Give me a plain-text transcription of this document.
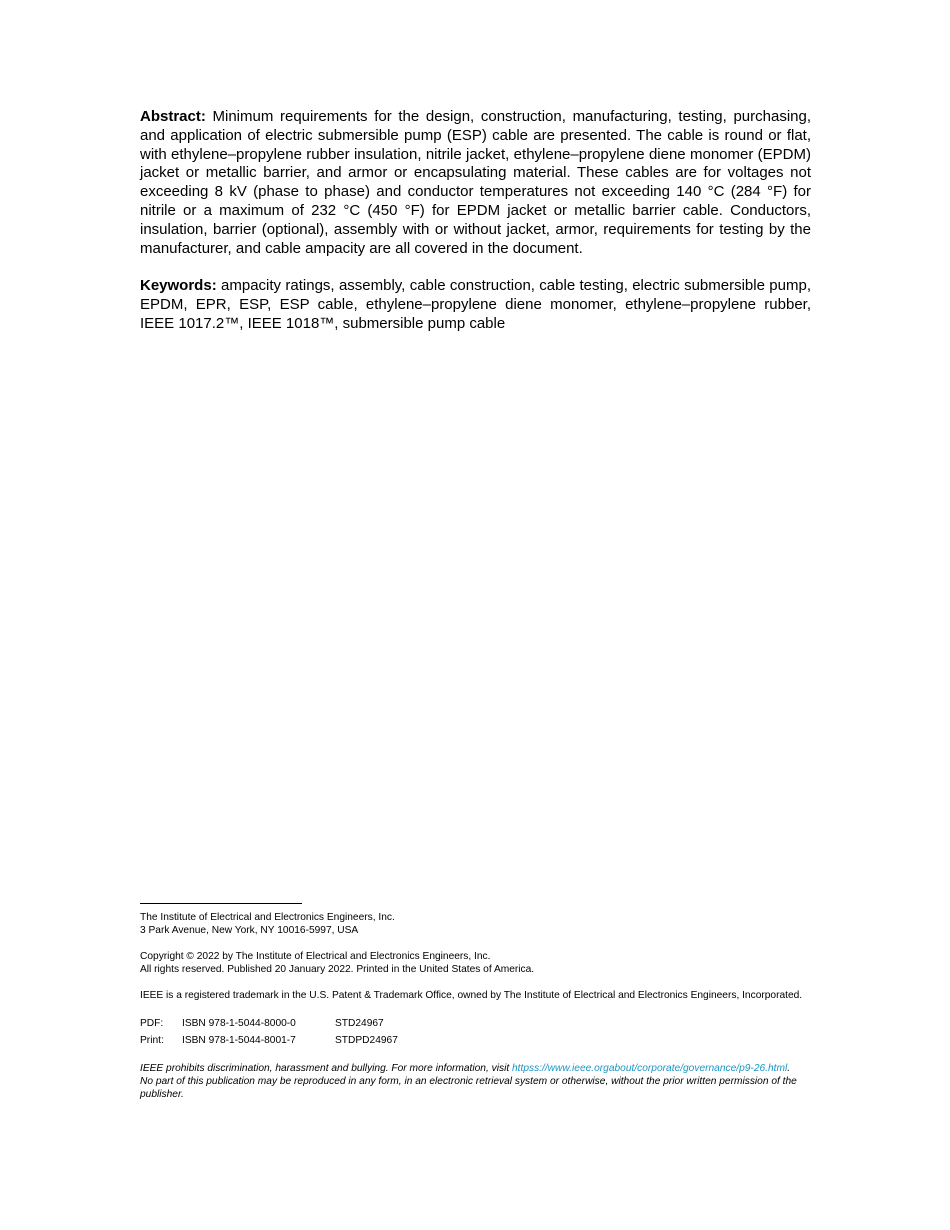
Abstract: Minimum requirements for the design, construction, manufacturing, testing, purchasing, and application of electric submersible pump (ESP) cable are presented. The cable is round or flat, with ethylene–propylene rubber insulation, nitrile jacket, ethylene–propylene diene monomer (EPDM) jacket or metallic barrier, and armor or encapsulating material. These cables are for voltages not exceeding 8 kV (phase to phase) and conductor temperatures not exceeding 140 °C (284 °F) for nitrile or a maximum of 232 °C (450 °F) for EPDM jacket or metallic barrier cable. Conductors, insulation, barrier (optional), assembly with or without jacket, armor, requirements for testing by the manufacturer, and cable ampacity are all covered in the document.

Keywords: ampacity ratings, assembly, cable construction, cable testing, electric submersible pump, EPDM, EPR, ESP, ESP cable, ethylene–propylene diene monomer, ethylene–propylene rubber, IEEE 1017.2™, IEEE 1018™, submersible pump cable

The Institute of Electrical and Electronics Engineers, Inc.
3 Park Avenue, New York, NY 10016-5997, USA
Copyright © 2022 by The Institute of Electrical and Electronics Engineers, Inc.
All rights reserved. Published 20 January 2022. Printed in the United States of America.
IEEE is a registered trademark in the U.S. Patent & Trademark Office, owned by The Institute of Electrical and Electronics Engineers, Incorporated.
PDF:	ISBN 978-1-5044-8000-0	STD24967
Print:	ISBN 978-1-5044-8001-7	STDPD24967
IEEE prohibits discrimination, harassment and bullying. For more information, visit httpss://www.ieee.orgabout/corporate/governance/p9-26.html.
No part of this publication may be reproduced in any form, in an electronic retrieval system or otherwise, without the prior written permission of the publisher.
